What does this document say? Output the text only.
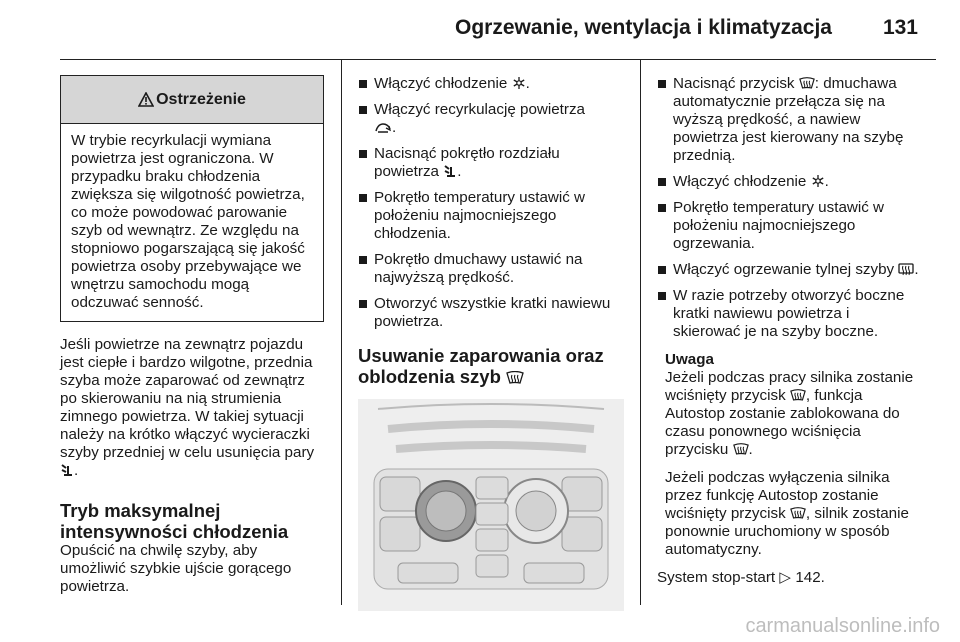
Ogrzewanie, wentylacja i klimatyzacja 131
Ostrzeżenie
W trybie recyrkulacji wymiana powietrza jest ograniczona. W przypadku braku chłodzenia zwiększa się wilgotność powietrza, co może powodować parowanie szyb od wewnątrz. Ze względu na stopniowo pogarszającą się jakość powietrza osoby przebywające we wnętrzu samochodu mogą odczuwać senność.

Jeśli powietrze na zewnątrz pojazdu jest ciepłe i bardzo wilgotne, przednia szyba może zaparować od zewnątrz po skierowaniu na nią strumienia zimnego powietrza. W takiej sytuacji należy na krótko włączyć wycieraczki szyby przedniej w celu usunięcia pary .

Tryb maksymalnej intensywności chłodzenia

Opuścić na chwilę szyby, aby umożliwić szybkie ujście gorącego powietrza.

Włączyć chłodzenie .
Włączyć recyrkulację powietrza
.
Nacisnąć pokrętło rozdziału powietrza .
Pokrętło temperatury ustawić w położeniu najmocniejszego chłodzenia.
Pokrętło dmuchawy ustawić na najwyższą prędkość.
Otworzyć wszystkie kratki nawiewu powietrza.
Usuwanie zaparowania oraz oblodzenia szyb
Nacisnąć przycisk : dmuchawa automatycznie przełącza się na wyższą prędkość, a nawiew powietrza jest kierowany na szybę przednią.
Włączyć chłodzenie .
Pokrętło temperatury ustawić w położeniu najmocniejszego ogrzewania.
Włączyć ogrzewanie tylnej szyby .
W razie potrzeby otworzyć boczne kratki nawiewu powietrza i skierować je na szyby boczne.
Uwaga

Jeżeli podczas pracy silnika zostanie wciśnięty przycisk , funkcja Autostop zostanie zablokowana do czasu ponownego wciśnięcia przycisku .

Jeżeli podczas wyłączenia silnika przez funkcję Autostop zostanie wciśnięty przycisk , silnik zostanie ponownie uruchomiony w sposób automatyczny.

System stop-start ▷ 142.

carmanualsonline.info
